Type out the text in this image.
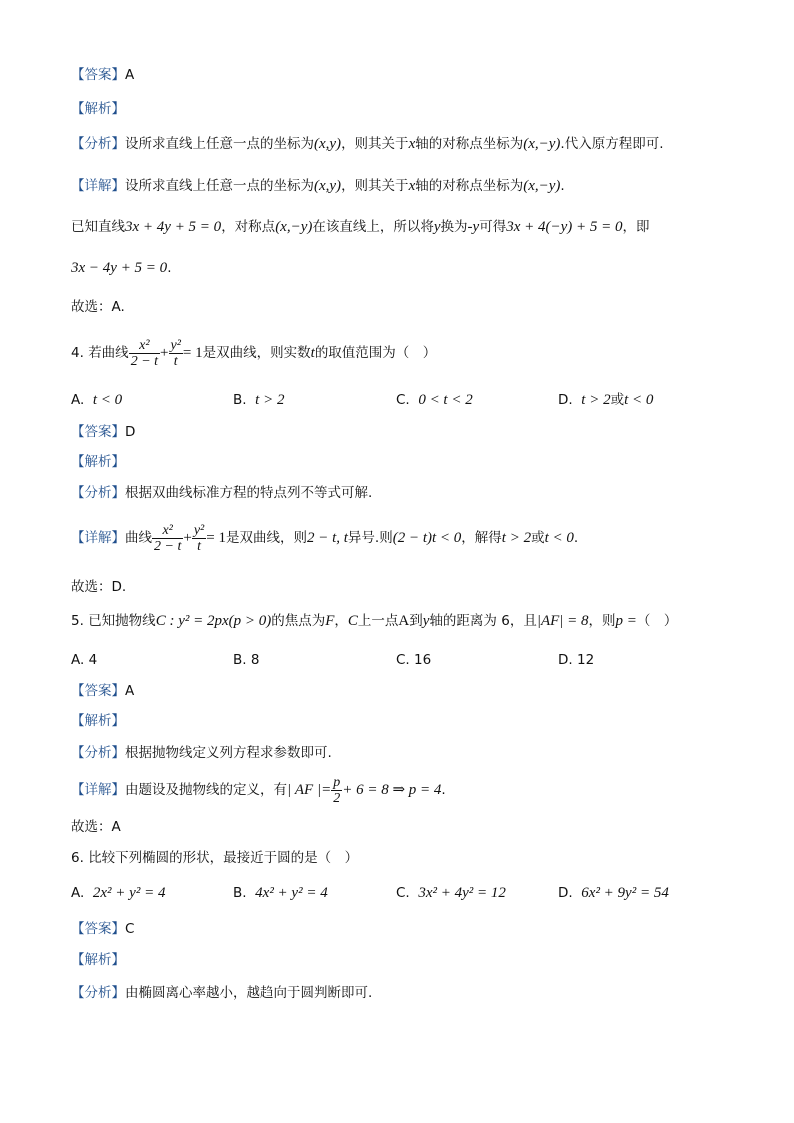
【答案】A
【解析】
【分析】设所求直线上任意一点的坐标为(x,y)，则其关于x轴的对称点坐标为(x,−y).代入原方程即可.
【详解】设所求直线上任意一点的坐标为(x,y)，则其关于x轴的对称点坐标为(x,−y).
已知直线3x + 4y + 5 = 0，对称点(x,−y)在该直线上，所以将y换为-y可得3x + 4(−y) + 5 = 0，即
3x − 4y + 5 = 0.
故选：A.
4. 若曲线 $\frac{\text{x²}}{2 - t} + \frac{\text{y²}}{t} = 1$是双曲线，则实数t的取值范围为（　）
A. t < 0	B. t > 2	C. 0 < t < 2	D. t > 2或t < 0
【答案】D
【解析】
【分析】根据双曲线标准方程的特点列不等式可解.
【详解】曲线 $\frac{\text{x²}}{2 - t} + \frac{\text{y²}}{t} = 1$是双曲线，则2 − t, t异号.则(2 − t)t < 0，解得t > 2或t < 0.
故选：D.
5. 已知抛物线C : y² = 2px(p > 0)的焦点为F，C上一点A到y轴的距离为 6，且|AF| = 8，则p =（　）
A. 4	B. 8	C. 16	D. 12
【答案】A
【解析】
【分析】根据抛物线定义列方程求参数即可.
【详解】由题设及抛物线的定义，有| AF |= $\frac{p}{2} + 6 = 8$ ⇒ p = 4.
故选：A
6. 比较下列椭圆的形状，最接近于圆的是（　）
A. 2x² + y² = 4	B. 4x² + y² = 4	C. 3x² + 4y² = 12	D. 6x² + 9y² = 54
【答案】C
【解析】
【分析】由椭圆离心率越小，越趋向于圆判断即可.
